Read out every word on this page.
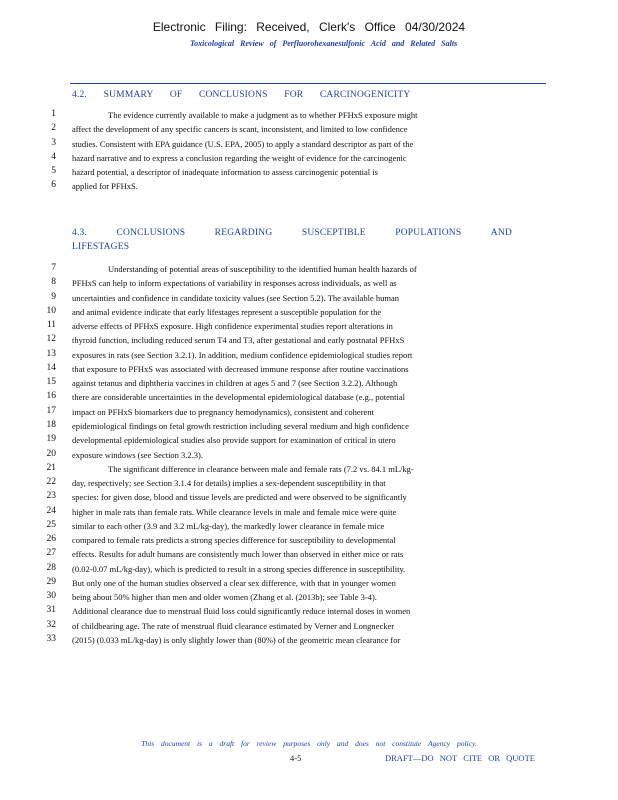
Electronic Filing: Received, Clerk's Office 04/30/2024
Toxicological Review of Perfluorohexanesulfonic Acid and Related Salts
4.2. SUMMARY OF CONCLUSIONS FOR CARCINOGENICITY
1	The evidence currently available to make a judgment as to whether PFHxS exposure might
2 affect the development of any specific cancers is scant, inconsistent, and limited to low confidence
3 studies. Consistent with EPA guidance (U.S. EPA, 2005) to apply a standard descriptor as part of the
4 hazard narrative and to express a conclusion regarding the weight of evidence for the carcinogenic
5 hazard potential, a descriptor of inadequate information to assess carcinogenic potential is
6 applied for PFHxS.
4.3.	CONCLUSIONS	REGARDING	SUSCEPTIBLE	POPULATIONS	AND
LIFESTAGES
7	Understanding of potential areas of susceptibility to the identified human health hazards of
8 PFHxS can help to inform expectations of variability in responses across individuals, as well as
9 uncertainties and confidence in candidate toxicity values (see Section 5.2). The available human
10 and animal evidence indicate that early lifestages represent a susceptible population for the
11 adverse effects of PFHxS exposure. High confidence experimental studies report alterations in
12 thyroid function, including reduced serum T4 and T3, after gestational and early postnatal PFHxS
13 exposures in rats (see Section 3.2.1). In addition, medium confidence epidemiological studies report
14 that exposure to PFHxS was associated with decreased immune response after routine vaccinations
15 against tetanus and diphtheria vaccines in children at ages 5 and 7 (see Section 3.2.2). Although
16 there are considerable uncertainties in the developmental epidemiological database (e.g., potential
17 impact on PFHxS biomarkers due to pregnancy hemodynamics), consistent and coherent
18 epidemiological findings on fetal growth restriction including several medium and high confidence
19 developmental epidemiological studies also provide support for examination of critical in utero
20 exposure windows (see Section 3.2.3).
21	The significant difference in clearance between male and female rats (7.2 vs. 84.1 mL/kg-
22 day, respectively; see Section 3.1.4 for details) implies a sex-dependent susceptibility in that
23 species: for given dose, blood and tissue levels are predicted and were observed to be significantly
24 higher in male rats than female rats. While clearance levels in male and female mice were quite
25 similar to each other (3.9 and 3.2 mL/kg-day), the markedly lower clearance in female mice
26 compared to female rats predicts a strong species difference for susceptibility to developmental
27 effects. Results for adult humans are consistently much lower than observed in either mice or rats
28 (0.02-0.07 mL/kg-day), which is predicted to result in a strong species difference in susceptibility.
29 But only one of the human studies observed a clear sex difference, with that in younger women
30 being about 50% higher than men and older women (Zhang et al. (2013b); see Table 3-4).
31 Additional clearance due to menstrual fluid loss could significantly reduce internal doses in women
32 of childbearing age. The rate of menstrual fluid clearance estimated by Verner and Longnecker
33 (2015) (0.033 mL/kg-day) is only slightly lower than (80%) of the geometric mean clearance for
This document is a draft for review purposes only and does not constitute Agency policy.
4-5	DRAFT—DO NOT CITE OR QUOTE
